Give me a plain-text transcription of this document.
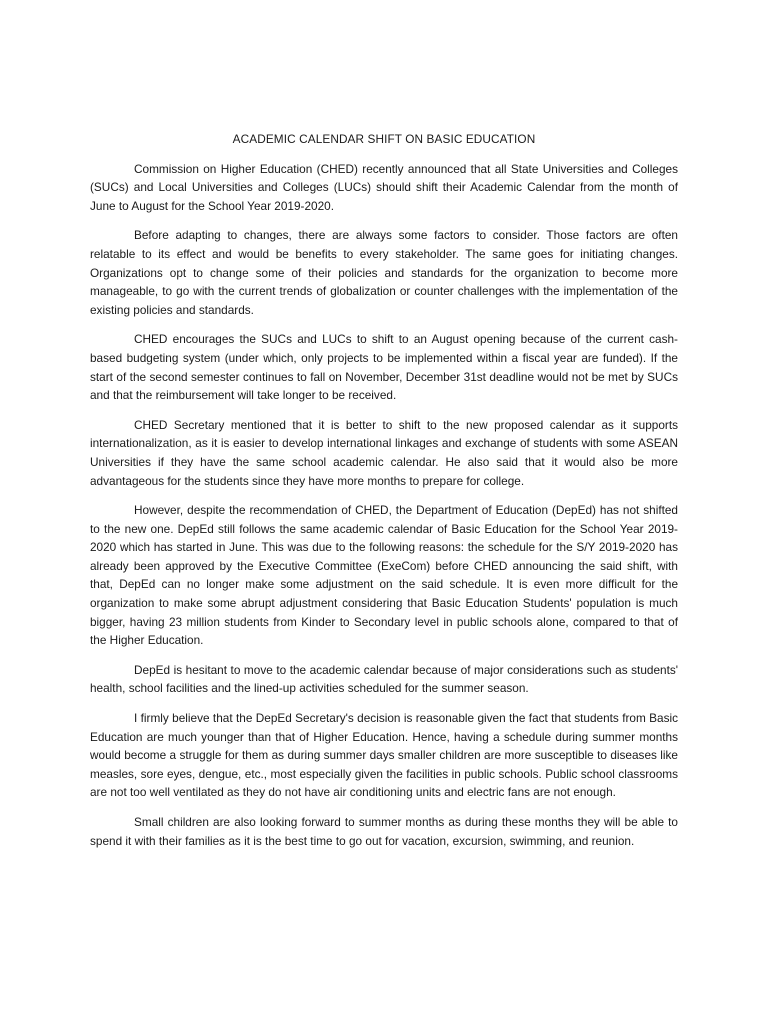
ACADEMIC CALENDAR SHIFT ON BASIC EDUCATION

Commission on Higher Education (CHED) recently announced that all State Universities and Colleges (SUCs) and Local Universities and Colleges (LUCs) should shift their Academic Calendar from the month of June to August for the School Year 2019-2020.

Before adapting to changes, there are always some factors to consider. Those factors are often relatable to its effect and would be benefits to every stakeholder. The same goes for initiating changes. Organizations opt to change some of their policies and standards for the organization to become more manageable, to go with the current trends of globalization or counter challenges with the implementation of the existing policies and standards.

CHED encourages the SUCs and LUCs to shift to an August opening because of the current cash-based budgeting system (under which, only projects to be implemented within a fiscal year are funded). If the start of the second semester continues to fall on November, December 31st deadline would not be met by SUCs and that the reimbursement will take longer to be received.

CHED Secretary mentioned that it is better to shift to the new proposed calendar as it supports internationalization, as it is easier to develop international linkages and exchange of students with some ASEAN Universities if they have the same school academic calendar. He also said that it would also be more advantageous for the students since they have more months to prepare for college.

However, despite the recommendation of CHED, the Department of Education (DepEd) has not shifted to the new one. DepEd still follows the same academic calendar of Basic Education for the School Year 2019-2020 which has started in June. This was due to the following reasons: the schedule for the S/Y 2019-2020 has already been approved by the Executive Committee (ExeCom) before CHED announcing the said shift, with that, DepEd can no longer make some adjustment on the said schedule. It is even more difficult for the organization to make some abrupt adjustment considering that Basic Education Students' population is much bigger, having 23 million students from Kinder to Secondary level in public schools alone, compared to that of the Higher Education.

DepEd is hesitant to move to the academic calendar because of major considerations such as students' health, school facilities and the lined-up activities scheduled for the summer season.

I firmly believe that the DepEd Secretary's decision is reasonable given the fact that students from Basic Education are much younger than that of Higher Education. Hence, having a schedule during summer months would become a struggle for them as during summer days smaller children are more susceptible to diseases like measles, sore eyes, dengue, etc., most especially given the facilities in public schools. Public school classrooms are not too well ventilated as they do not have air conditioning units and electric fans are not enough.

Small children are also looking forward to summer months as during these months they will be able to spend it with their families as it is the best time to go out for vacation, excursion, swimming, and reunion.
